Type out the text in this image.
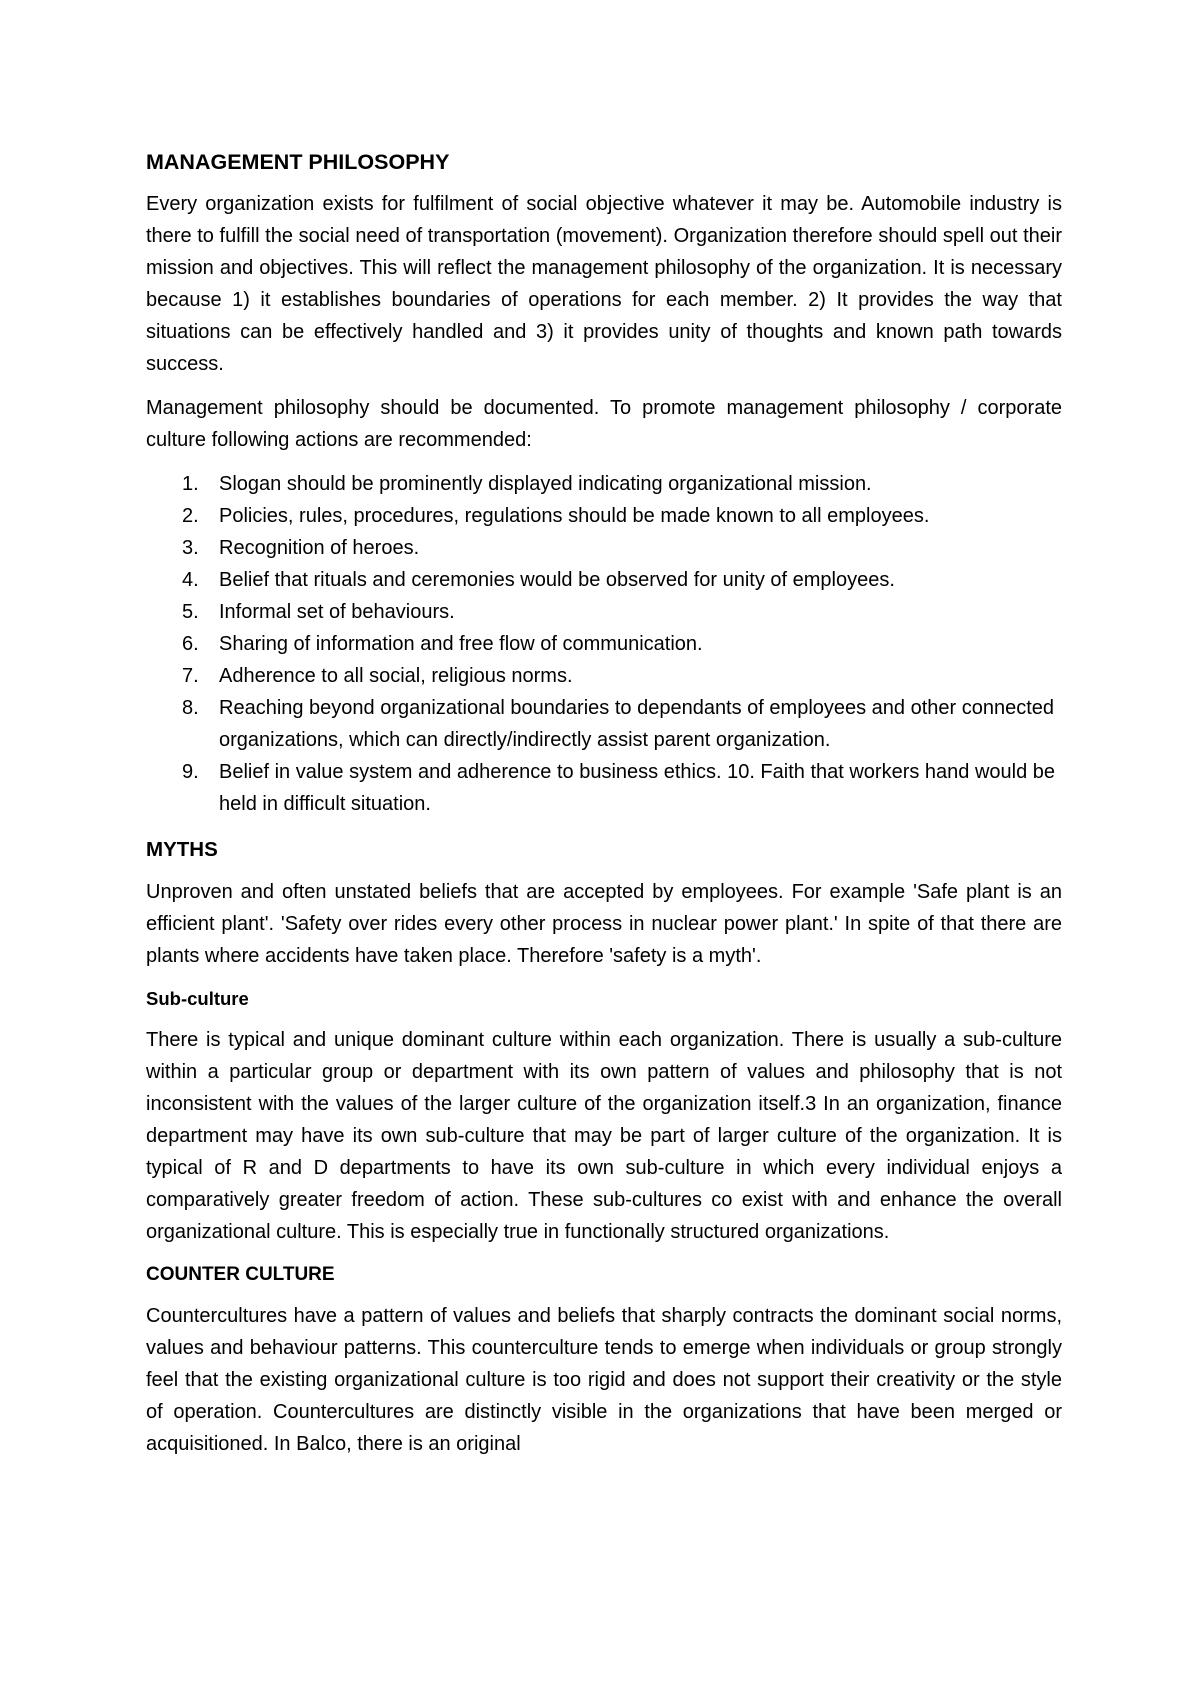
MANAGEMENT PHILOSOPHY

Every organization exists for fulfilment of social objective whatever it may be. Automobile industry is there to fulfill the social need of transportation (movement). Organization therefore should spell out their mission and objectives. This will reflect the management philosophy of the organization. It is necessary because 1) it establishes boundaries of operations for each member. 2) It provides the way that situations can be effectively handled and 3) it provides unity of thoughts and known path towards success.

Management philosophy should be documented. To promote management philosophy / corporate culture following actions are recommended:

1.	Slogan should be prominently displayed indicating organizational mission.
2.	Policies, rules, procedures, regulations should be made known to all employees.
3.	Recognition of heroes.
4.	Belief that rituals and ceremonies would be observed for unity of employees.
5.	Informal set of behaviours.
6.	Sharing of information and free flow of communication.
7.	Adherence to all social, religious norms.
8.	Reaching beyond organizational boundaries to dependants of employees and other connected organizations, which can directly/indirectly assist parent organization.
9.	Belief in value system and adherence to business ethics. 10. Faith that workers hand would be held in difficult situation.
MYTHS

Unproven and often unstated beliefs that are accepted by employees. For example 'Safe plant is an efficient plant'. 'Safety over rides every other process in nuclear power plant.' In spite of that there are plants where accidents have taken place. Therefore 'safety is a myth'.

Sub-culture

There is typical and unique dominant culture within each organization. There is usually a sub-culture within a particular group or department with its own pattern of values and philosophy that is not inconsistent with the values of the larger culture of the organization itself.3 In an organization, finance department may have its own sub-culture that may be part of larger culture of the organization. It is typical of R and D departments to have its own sub-culture in which every individual enjoys a comparatively greater freedom of action. These sub-cultures co exist with and enhance the overall organizational culture. This is especially true in functionally structured organizations.

COUNTER CULTURE

Countercultures have a pattern of values and beliefs that sharply contracts the dominant social norms, values and behaviour patterns. This counterculture tends to emerge when individuals or group strongly feel that the existing organizational culture is too rigid and does not support their creativity or the style of operation. Countercultures are distinctly visible in the organizations that have been merged or acquisitioned. In Balco, there is an original
